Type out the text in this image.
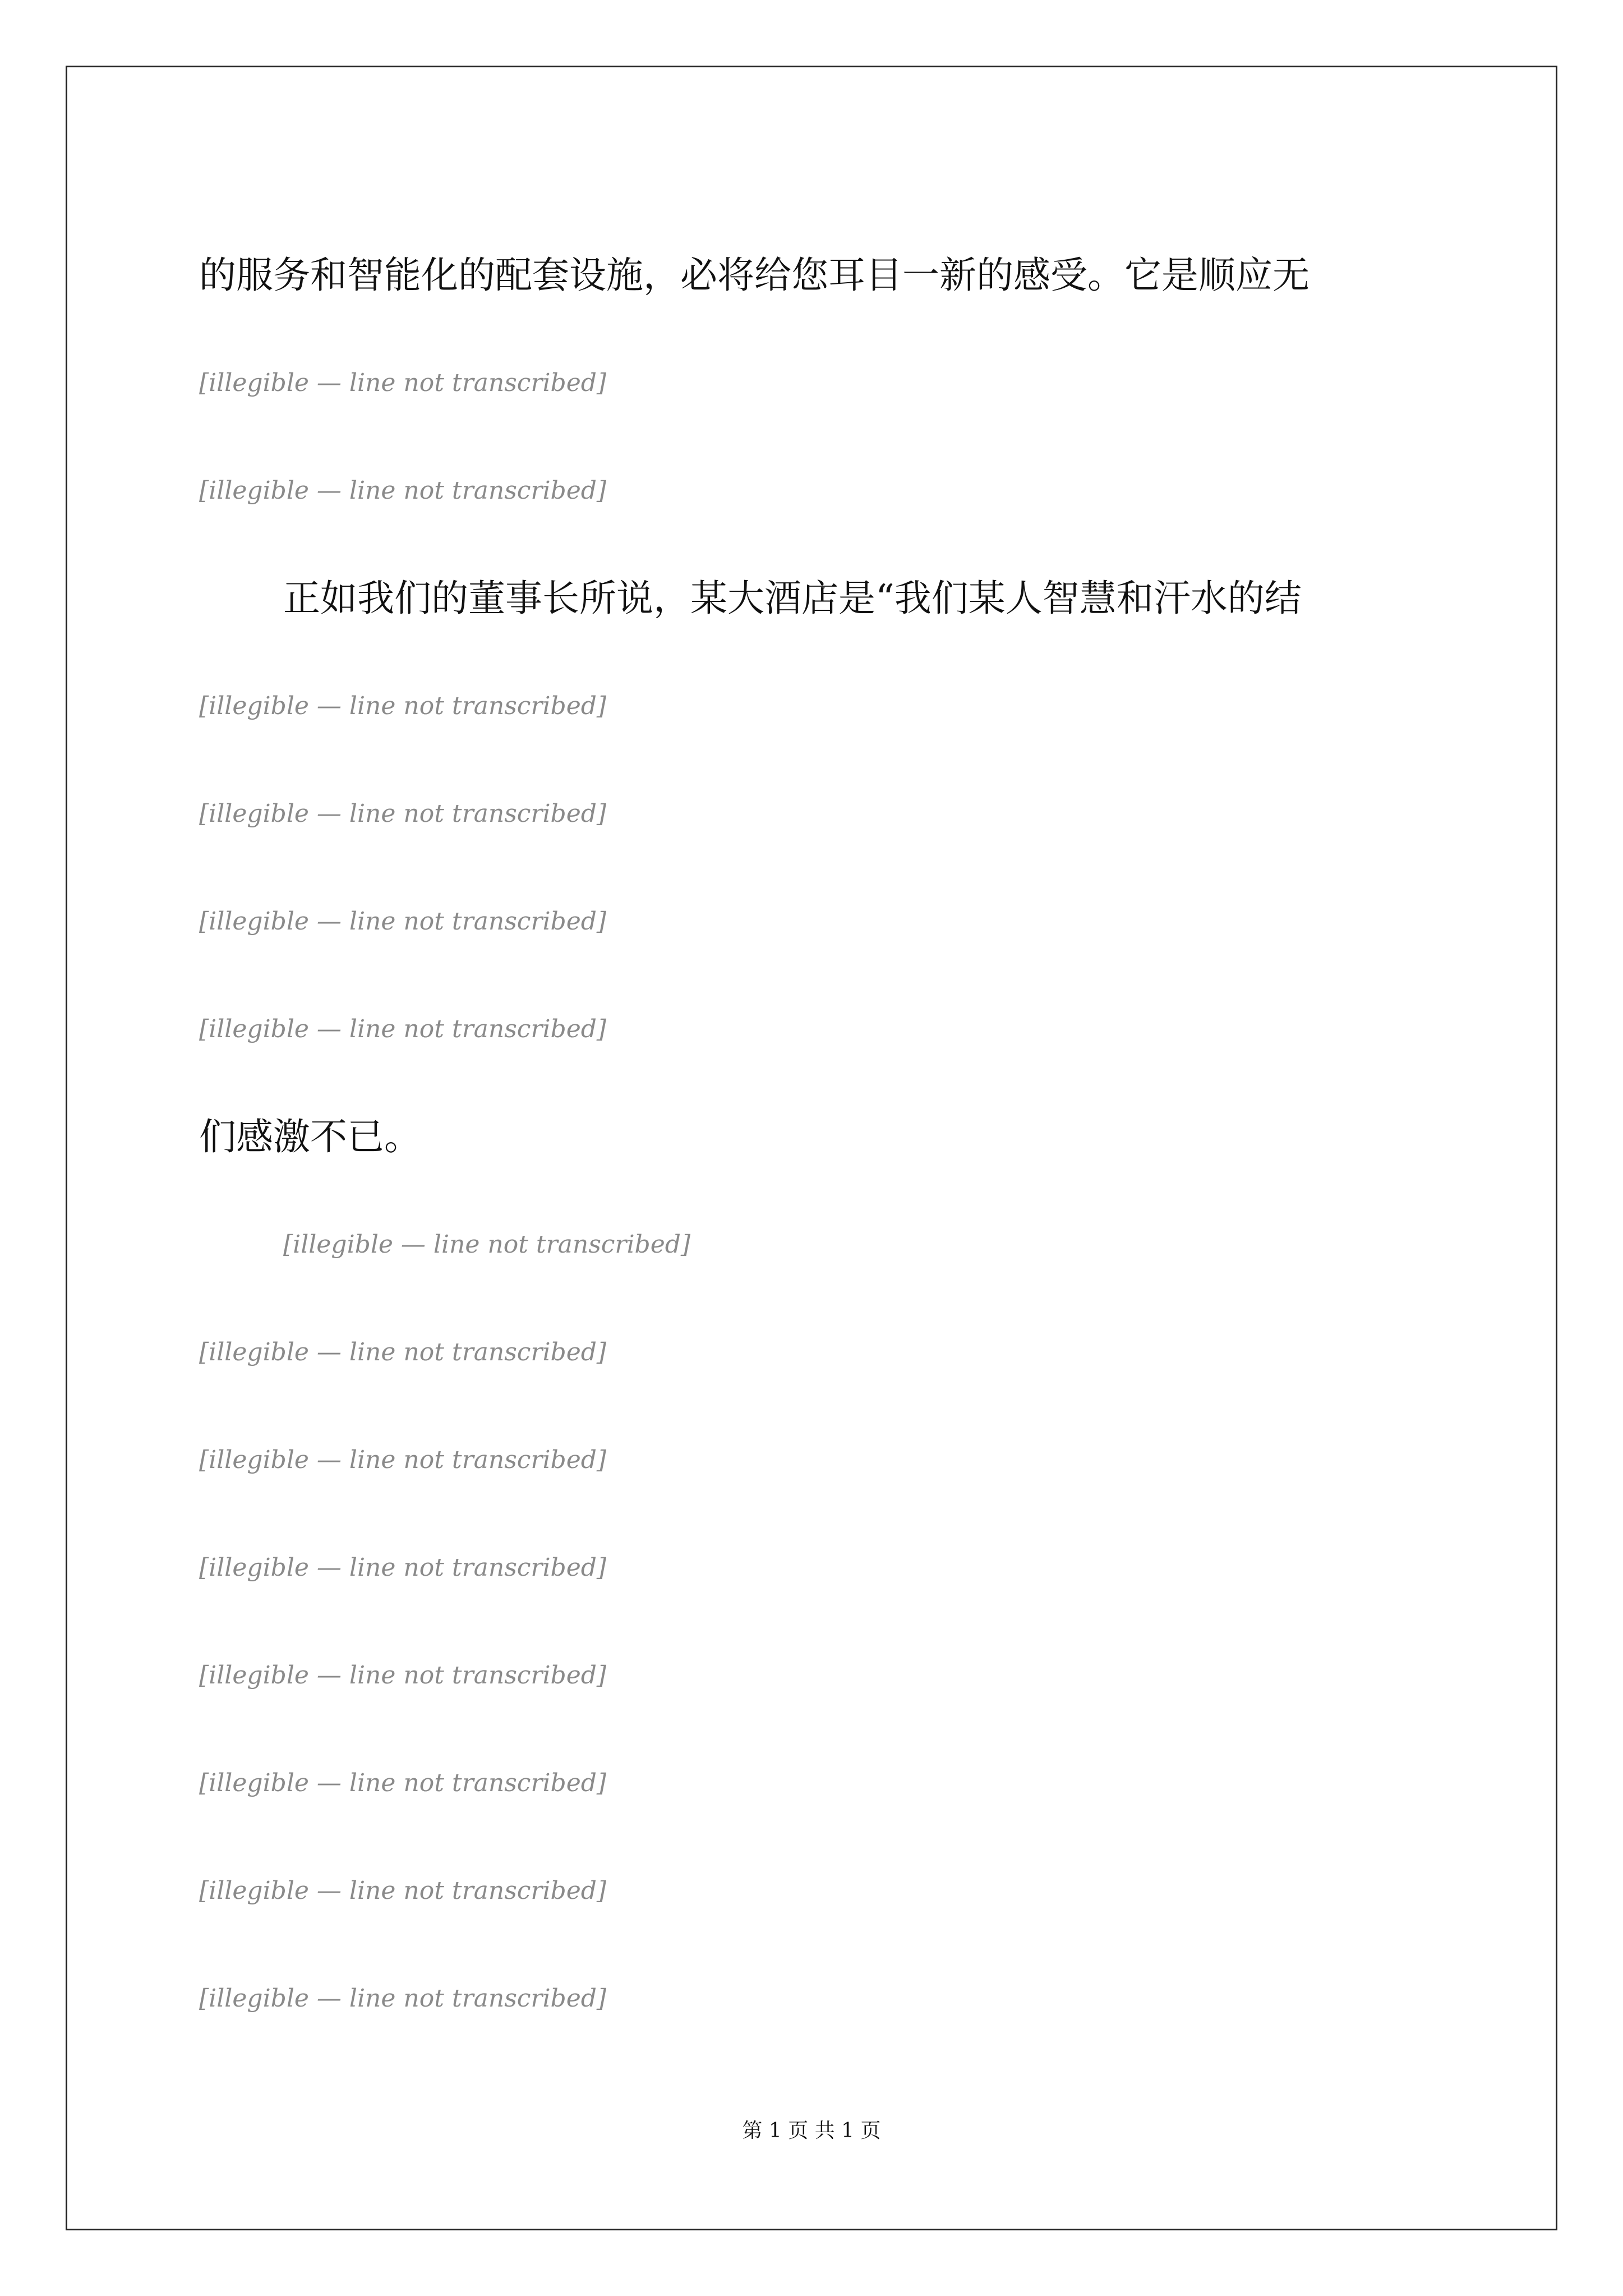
的服务和智能化的配套设施，必将给您耳目一新的感受。它是顺应无
[illegible — line not transcribed]
[illegible — line not transcribed]
正如我们的董事长所说，某大酒店是“我们某人智慧和汗水的结
[illegible — line not transcribed]
[illegible — line not transcribed]
[illegible — line not transcribed]
[illegible — line not transcribed]
们感激不已。
[illegible — line not transcribed]
[illegible — line not transcribed]
[illegible — line not transcribed]
[illegible — line not transcribed]
[illegible — line not transcribed]
[illegible — line not transcribed]
[illegible — line not transcribed]
[illegible — line not transcribed]
第 1 页 共 1 页
